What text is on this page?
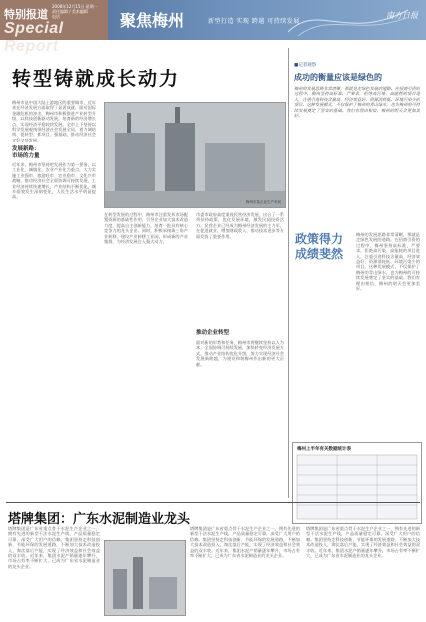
特别报道
Special Report
2008年12月15日 星期一
责任编辑 / 美术编辑
电话	聚焦梅州	新型打造 实现 跨越 可持续发展
南方日报
转型铸就成长动力
梅州市是中国大陆上游地区的重要城市，近年来在经济发展方面取得了显著成就。面对国际金融危机的冲击，梅州市积极推进产业转型升级，以科技创新驱动发展，培育新的经济增长点，实现经济平稳较快发展。全市上下坚持以科学发展观统领经济社会发展全局，着力调结构、促转型、抓项目、强基础，推动经济社会又好又快发展。
发展新路：
市场的力量
近年来，梅州市坚持把发展作为第一要务，以工业化、城镇化、农业产业化为重点，大力实施工业强市、旅游旺市、农业稳市、文化兴市战略，推动经济社会全面协调可持续发展。工业经济持续快速增长，产业结构不断优化，城乡面貌发生深刻变化，人民生活水平明显提高。
梅州市某企业生产车间
在转型发展的过程中，梅州市注重发挥市场配置资源的基础性作用，引导企业加大技术改造力度，提高自主创新能力，培育一批具有核心竞争力的龙头企业。同时，积极承接珠三角产业转移，建设产业转移工业园，形成新的产业集群，为经济发展注入强大动力。
市委市政府高度重视民营经济发展，出台了一系列扶持政策，优化发展环境，激发民间投资活力。民营企业已经成为梅州经济发展的主力军，在促进就业、增加财政收入、推动技术进步等方面发挥了重要作用。
推动企业转型
面对新的形势和任务，梅州市将继续坚持以人为本，全面协调可持续发展，加快转变经济发展方式，推动产业结构优化升级，努力实现经济社会发展新跨越，为建设和谐梅州作出新的更大贡献。
政策得力
成绩斐然
■记者观察
成功的衡量应该是绿色的
梅州的发展思路非常清晰，那就是走绿色发展的道路。在招商引资的过程中，梅州坚持高标准、严要求，拒绝高污染、高能耗的项目进入，注重引进科技含量高、经济效益好、资源消耗低、环境污染少的项目。这种发展模式，不仅保护了梅州的青山绿水，也为梅州的可持续发展奠定了坚实的基础。我们有理由相信，梅州的明天会更加美好。
梅州的发展思路非常清晰，那就是走绿色发展的道路。在招商引资的过程中，梅州坚持高标准、严要求，拒绝高污染、高能耗的项目进入，注重引进科技含量高、经济效益好、资源消耗低、环境污染少的项目。这种发展模式，不仅保护了梅州的青山绿水，也为梅州的可持续发展奠定了坚实的基础。我们有理由相信，梅州的明天会更加美好。
梅州上半年有关数据统计表
塔牌集团：广东水泥制造业龙头
塔牌集团是广东省重点骨干水泥生产企业之一，拥有先进的新型干法水泥生产线，产品质量稳定可靠，深受广大用户的信赖。集团坚持走科技创新、节能环保的发展道路，不断加大技术改造投入，淘汰落后产能，实现了经济效益和社会效益的双丰收。近年来，集团水泥产销量逐年攀升，市场占有率不断扩大，已成为广东省水泥制造业的龙头企业。
塔牌集团是广东省重点骨干水泥生产企业之一，拥有先进的新型干法水泥生产线，产品质量稳定可靠，深受广大用户的信赖。集团坚持走科技创新、节能环保的发展道路，不断加大技术改造投入，淘汰落后产能，实现了经济效益和社会效益的双丰收。近年来，集团水泥产销量逐年攀升，市场占有率不断扩大，已成为广东省水泥制造业的龙头企业。
塔牌集团是广东省重点骨干水泥生产企业之一，拥有先进的新型干法水泥生产线，产品质量稳定可靠，深受广大用户的信赖。集团坚持走科技创新、节能环保的发展道路，不断加大技术改造投入，淘汰落后产能，实现了经济效益和社会效益的双丰收。近年来，集团水泥产销量逐年攀升，市场占有率不断扩大，已成为广东省水泥制造业的龙头企业。
